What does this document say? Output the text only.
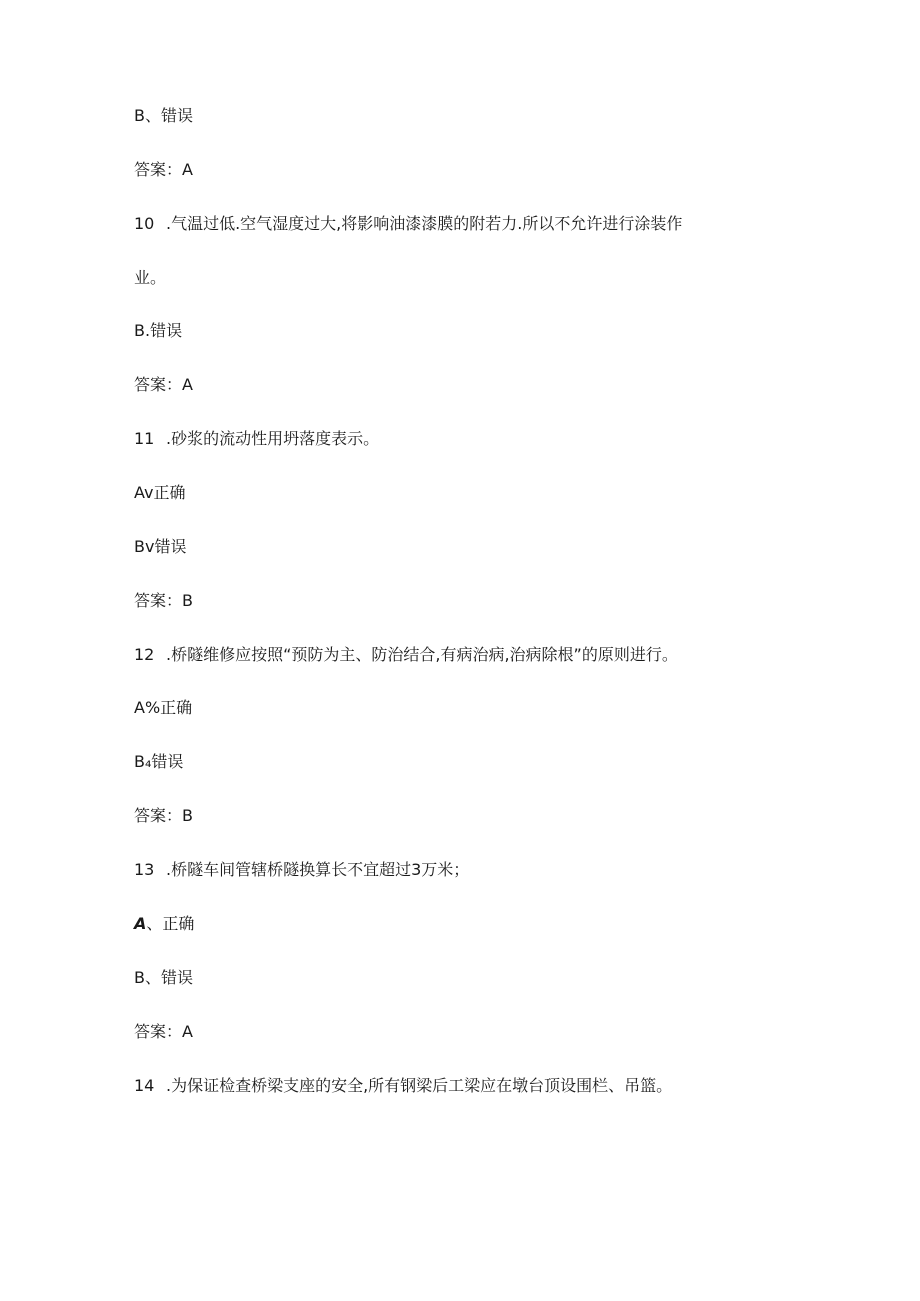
B、错误
答案：A
10 .气温过低.空气湿度过大,将影响油漆漆膜的附若力.所以不允许进行涂装作
业。
B.错误
答案：A
11 .砂浆的流动性用坍落度表示。
Av正确
Bv错误
答案：B
12 .桥隧维修应按照“预防为主、防治结合,有病治病,治病除根”的原则进行。
A%正确
B₄错误
答案：B
13 .桥隧车间管辖桥隧换算长不宜超过3万米；
A、正确
B、错误
答案：A
14 .为保证检查桥梁支座的安全,所有钢梁后工梁应在墩台顶设围栏、吊篮。
